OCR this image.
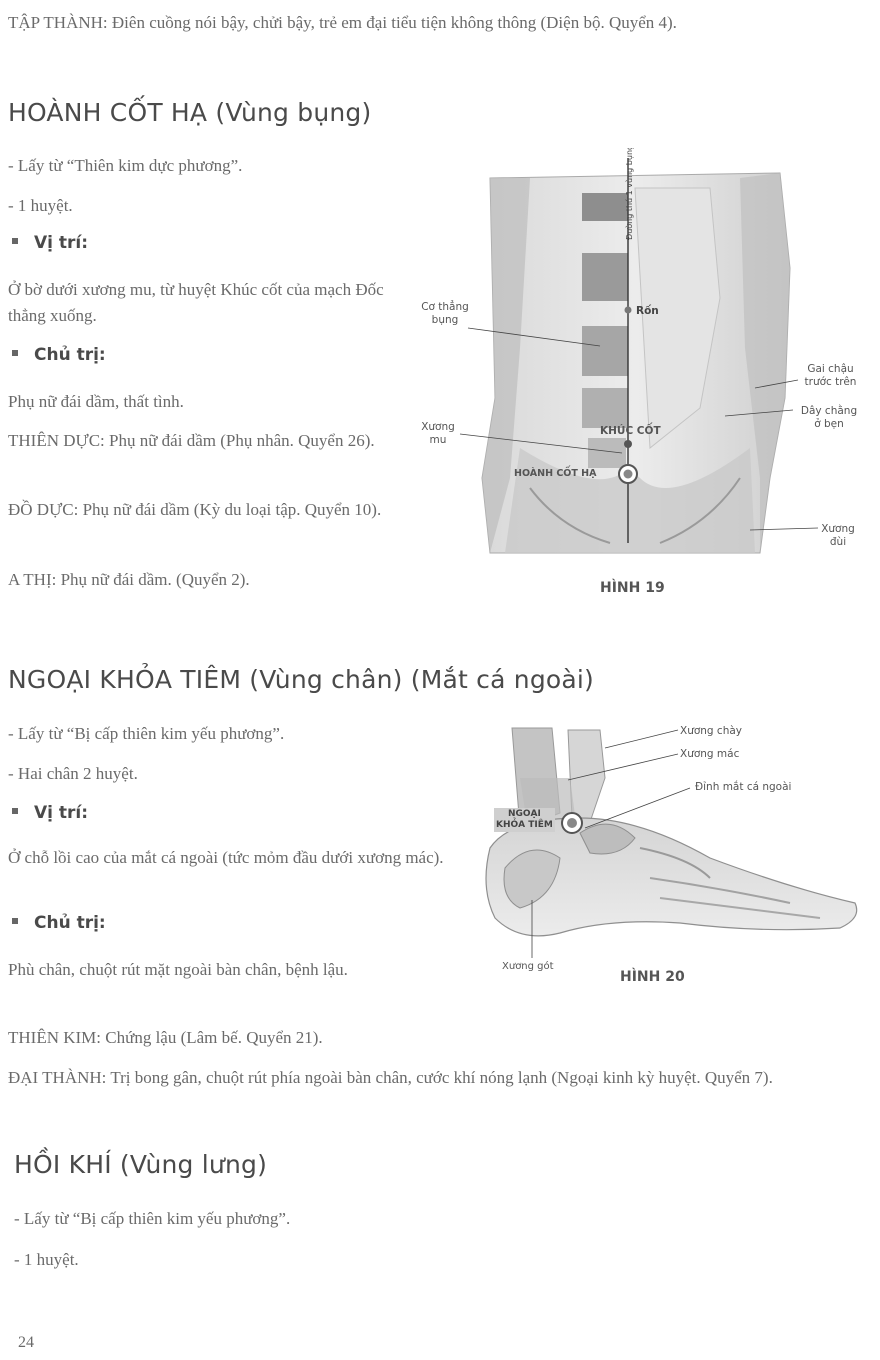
TẬP THÀNH: Điên cuồng nói bậy, chửi bậy, trẻ em đại tiểu tiện không thông (Diện bộ. Quyển 4).
HOÀNH CỐT HẠ (Vùng bụng)
- Lấy từ “Thiên kim dực phương”.
- 1 huyệt.
Vị trí:
Ở bờ dưới xương mu, từ huyệt Khúc cốt của mạch Đốc thẳng xuống.
Chủ trị:
Phụ nữ đái dầm, thất tình.
THIÊN DỰC: Phụ nữ đái dầm (Phụ nhân. Quyển 26).
ĐỒ DỰC: Phụ nữ đái dầm (Kỳ du loại tập. Quyển 10).
A THỊ: Phụ nữ đái dầm. (Quyển 2).
Đường thứ 1 vùng bụng
Rốn
Cơ thẳng
bụng
Gai chậu
trước trên
Dây chằng
ở bẹn
Xương
mu
KHÚC CỐT
HOÀNH CỐT HẠ
Xương
đùi
HÌNH 19
NGOẠI KHỎA TIÊM (Vùng chân) (Mắt cá ngoài)
- Lấy từ “Bị cấp thiên kim yếu phương”.
- Hai chân 2 huyệt.
Vị trí:
Ở chỗ lồi cao của mắt cá ngoài (tức mỏm đầu dưới xương mác).
Chủ trị:
Phù chân, chuột rút mặt ngoài bàn chân, bệnh lậu.
THIÊN KIM: Chứng lậu (Lâm bế. Quyển 21).
ĐẠI THÀNH: Trị bong gân, chuột rút phía ngoài bàn chân, cước khí nóng lạnh (Ngoại kinh kỳ huyệt. Quyển 7).
Xương chày
Xương mác
Đỉnh mắt cá ngoài
NGOẠI
KHỎA TIÊM
Xương gót
HÌNH 20
HỒI KHÍ (Vùng lưng)
- Lấy từ “Bị cấp thiên kim yếu phương”.
- 1 huyệt.
24
